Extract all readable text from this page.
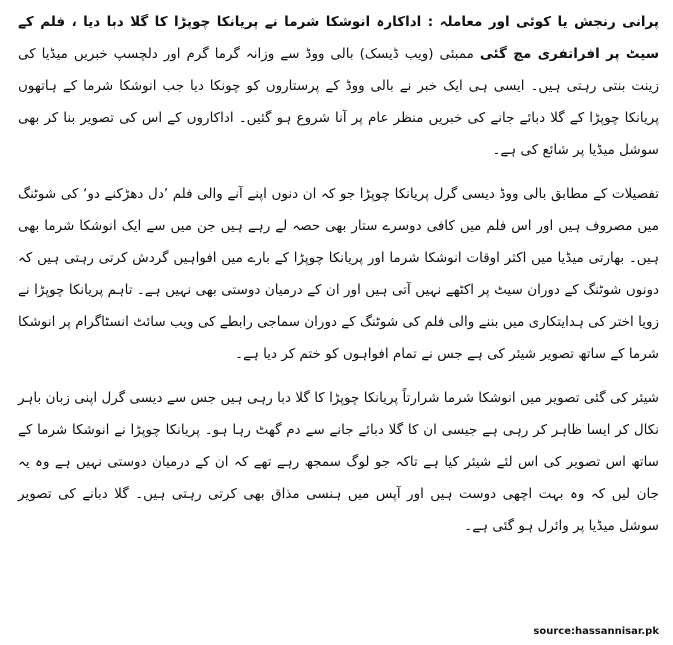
پرانی رنجش یا کوئی اور معاملہ : اداکارہ انوشکا شرما نے پریانکا چوپڑا کا گلا دبا دیا ، فلم کے سیٹ پر افراتفری مچ گئی ممبئی (ویب ڈیسک) بالی ووڈ سے وزانہ گرما گرم اور دلچسپ خبریں میڈیا کی زینت بنتی رہتی ہیں۔ ایسی ہی ایک خبر نے بالی ووڈ کے پرستاروں کو چونکا دیا جب انوشکا شرما کے ہاتھوں پریانکا چوپڑا کے گلا دبائے جانے کی خبریں منظر عام پر آنا شروع ہو گئیں۔ اداکاروں کے اس کی تصویر بنا کر بھی سوشل میڈیا پر شائع کی ہے۔

تفصیلات کے مطابق بالی ووڈ دیسی گرل پریانکا چوپڑا جو کہ ان دنوں اپنے آنے والی فلم ’دل دھڑکنے دو‘ کی شوٹنگ میں مصروف ہیں اور اس فلم میں کافی دوسرے ستار بھی حصہ لے رہے ہیں جن میں سے ایک انوشکا شرما بھی ہیں۔ بھارتی میڈیا میں اکثر اوقات انوشکا شرما اور پریانکا چوپڑا کے بارے میں افواہیں گردش کرتی رہتی ہیں کہ دونوں شوٹنگ کے دوران سیٹ پر اکٹھے نہیں آتی ہیں اور ان کے درمیان دوستی بھی نہیں ہے۔ تاہم پریانکا چوپڑا نے زویا اختر کی ہدایتکاری میں بننے والی فلم کی شوٹنگ کے دوران سماجی رابطے کی ویب سائٹ انسٹاگرام پر انوشکا شرما کے ساتھ تصویر شیئر کی ہے جس نے تمام افواہوں کو ختم کر دیا ہے۔

شیئر کی گئی تصویر میں انوشکا شرما شرارتاً پریانکا چوپڑا کا گلا دبا رہی ہیں جس سے دیسی گرل اپنی زبان باہر نکال کر ایسا ظاہر کر رہی ہے جیسی ان کا گلا دبائے جانے سے دم گھٹ رہا ہو۔ پریانکا چوپڑا نے انوشکا شرما کے ساتھ اس تصویر کی اس لئے شیئر کیا ہے تاکہ جو لوگ سمجھ رہے تھے کہ ان کے درمیان دوستی نہیں ہے وہ یہ جان لیں کہ وہ بہت اچھی دوست ہیں اور آپس میں ہنسی مذاق بھی کرتی رہتی ہیں۔ گلا دبانے کی تصویر سوشل میڈیا پر وائرل ہو گئی ہے۔

source:hassannisar.pk
